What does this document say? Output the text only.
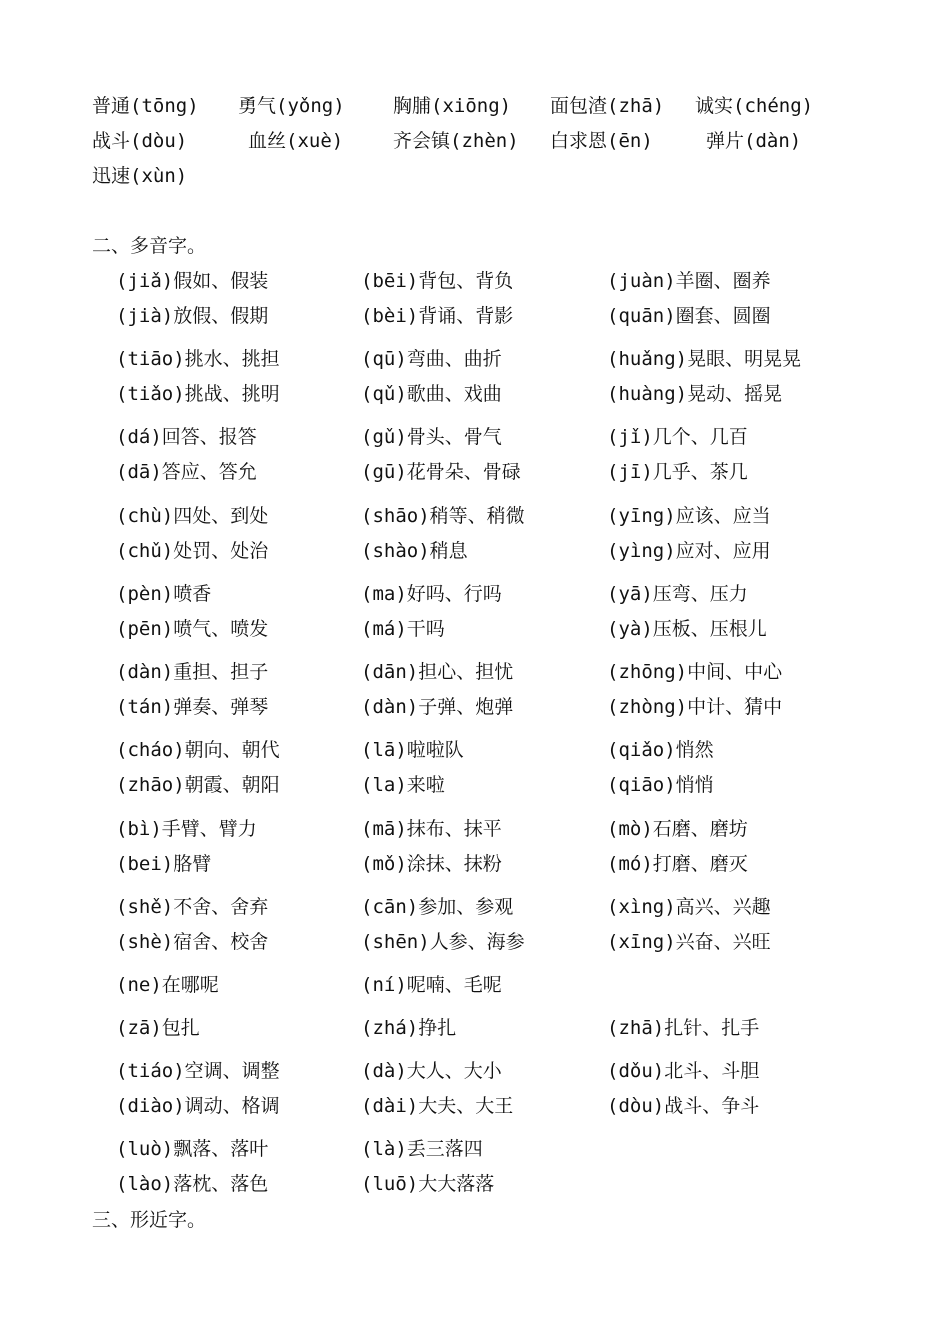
普通(tōng) 勇气(yǒng)	胸脯(xiōng) 面包渣(zhā) 诚实(chéng)
战斗(dòu)	血丝(xuè)	齐会镇(zhèn) 白求恩(ēn)	弹片(dàn)
迅速(xùn)
二、多音字。
(jiǎ)假如、假装	(bēi)背包、背负	(juàn)羊圈、圈养
(jià)放假、假期	(bèi)背诵、背影	(quān)圈套、圆圈
(tiāo)挑水、挑担	(qū)弯曲、曲折	(huǎng)晃眼、明晃晃
(tiǎo)挑战、挑明	(qǔ)歌曲、戏曲	(huàng)晃动、摇晃
(dá)回答、报答	(gǔ)骨头、骨气	(jǐ)几个、几百
(dā)答应、答允	(gū)花骨朵、骨碌	(jī)几乎、茶几
(chù)四处、到处	(shāo)稍等、稍微	(yīng)应该、应当
(chǔ)处罚、处治	(shào)稍息	(yìng)应对、应用
(pèn)喷香	(ma)好吗、行吗	(yā)压弯、压力
(pēn)喷气、喷发	(má)干吗	(yà)压板、压根儿
(dàn)重担、担子	(dān)担心、担忧	(zhōng)中间、中心
(tán)弹奏、弹琴	(dàn)子弹、炮弹	(zhòng)中计、猜中
(cháo)朝向、朝代	(lā)啦啦队	(qiǎo)悄然
(zhāo)朝霞、朝阳	(la)来啦	(qiāo)悄悄
(bì)手臂、臂力	(mā)抹布、抹平	(mò)石磨、磨坊
(bei)胳臂	(mǒ)涂抹、抹粉	(mó)打磨、磨灭
(shě)不舍、舍弃	(cān)参加、参观	(xìng)高兴、兴趣
(shè)宿舍、校舍	(shēn)人参、海参	(xīng)兴奋、兴旺
(ne)在哪呢	(ní)呢喃、毛呢
(zā)包扎	(zhá)挣扎	(zhā)扎针、扎手
(tiáo)空调、调整	(dà)大人、大小	(dǒu)北斗、斗胆
(diào)调动、格调	(dài)大夫、大王	(dòu)战斗、争斗
(luò)飘落、落叶	(là)丢三落四
(lào)落枕、落色	(luō)大大落落
三、形近字。
